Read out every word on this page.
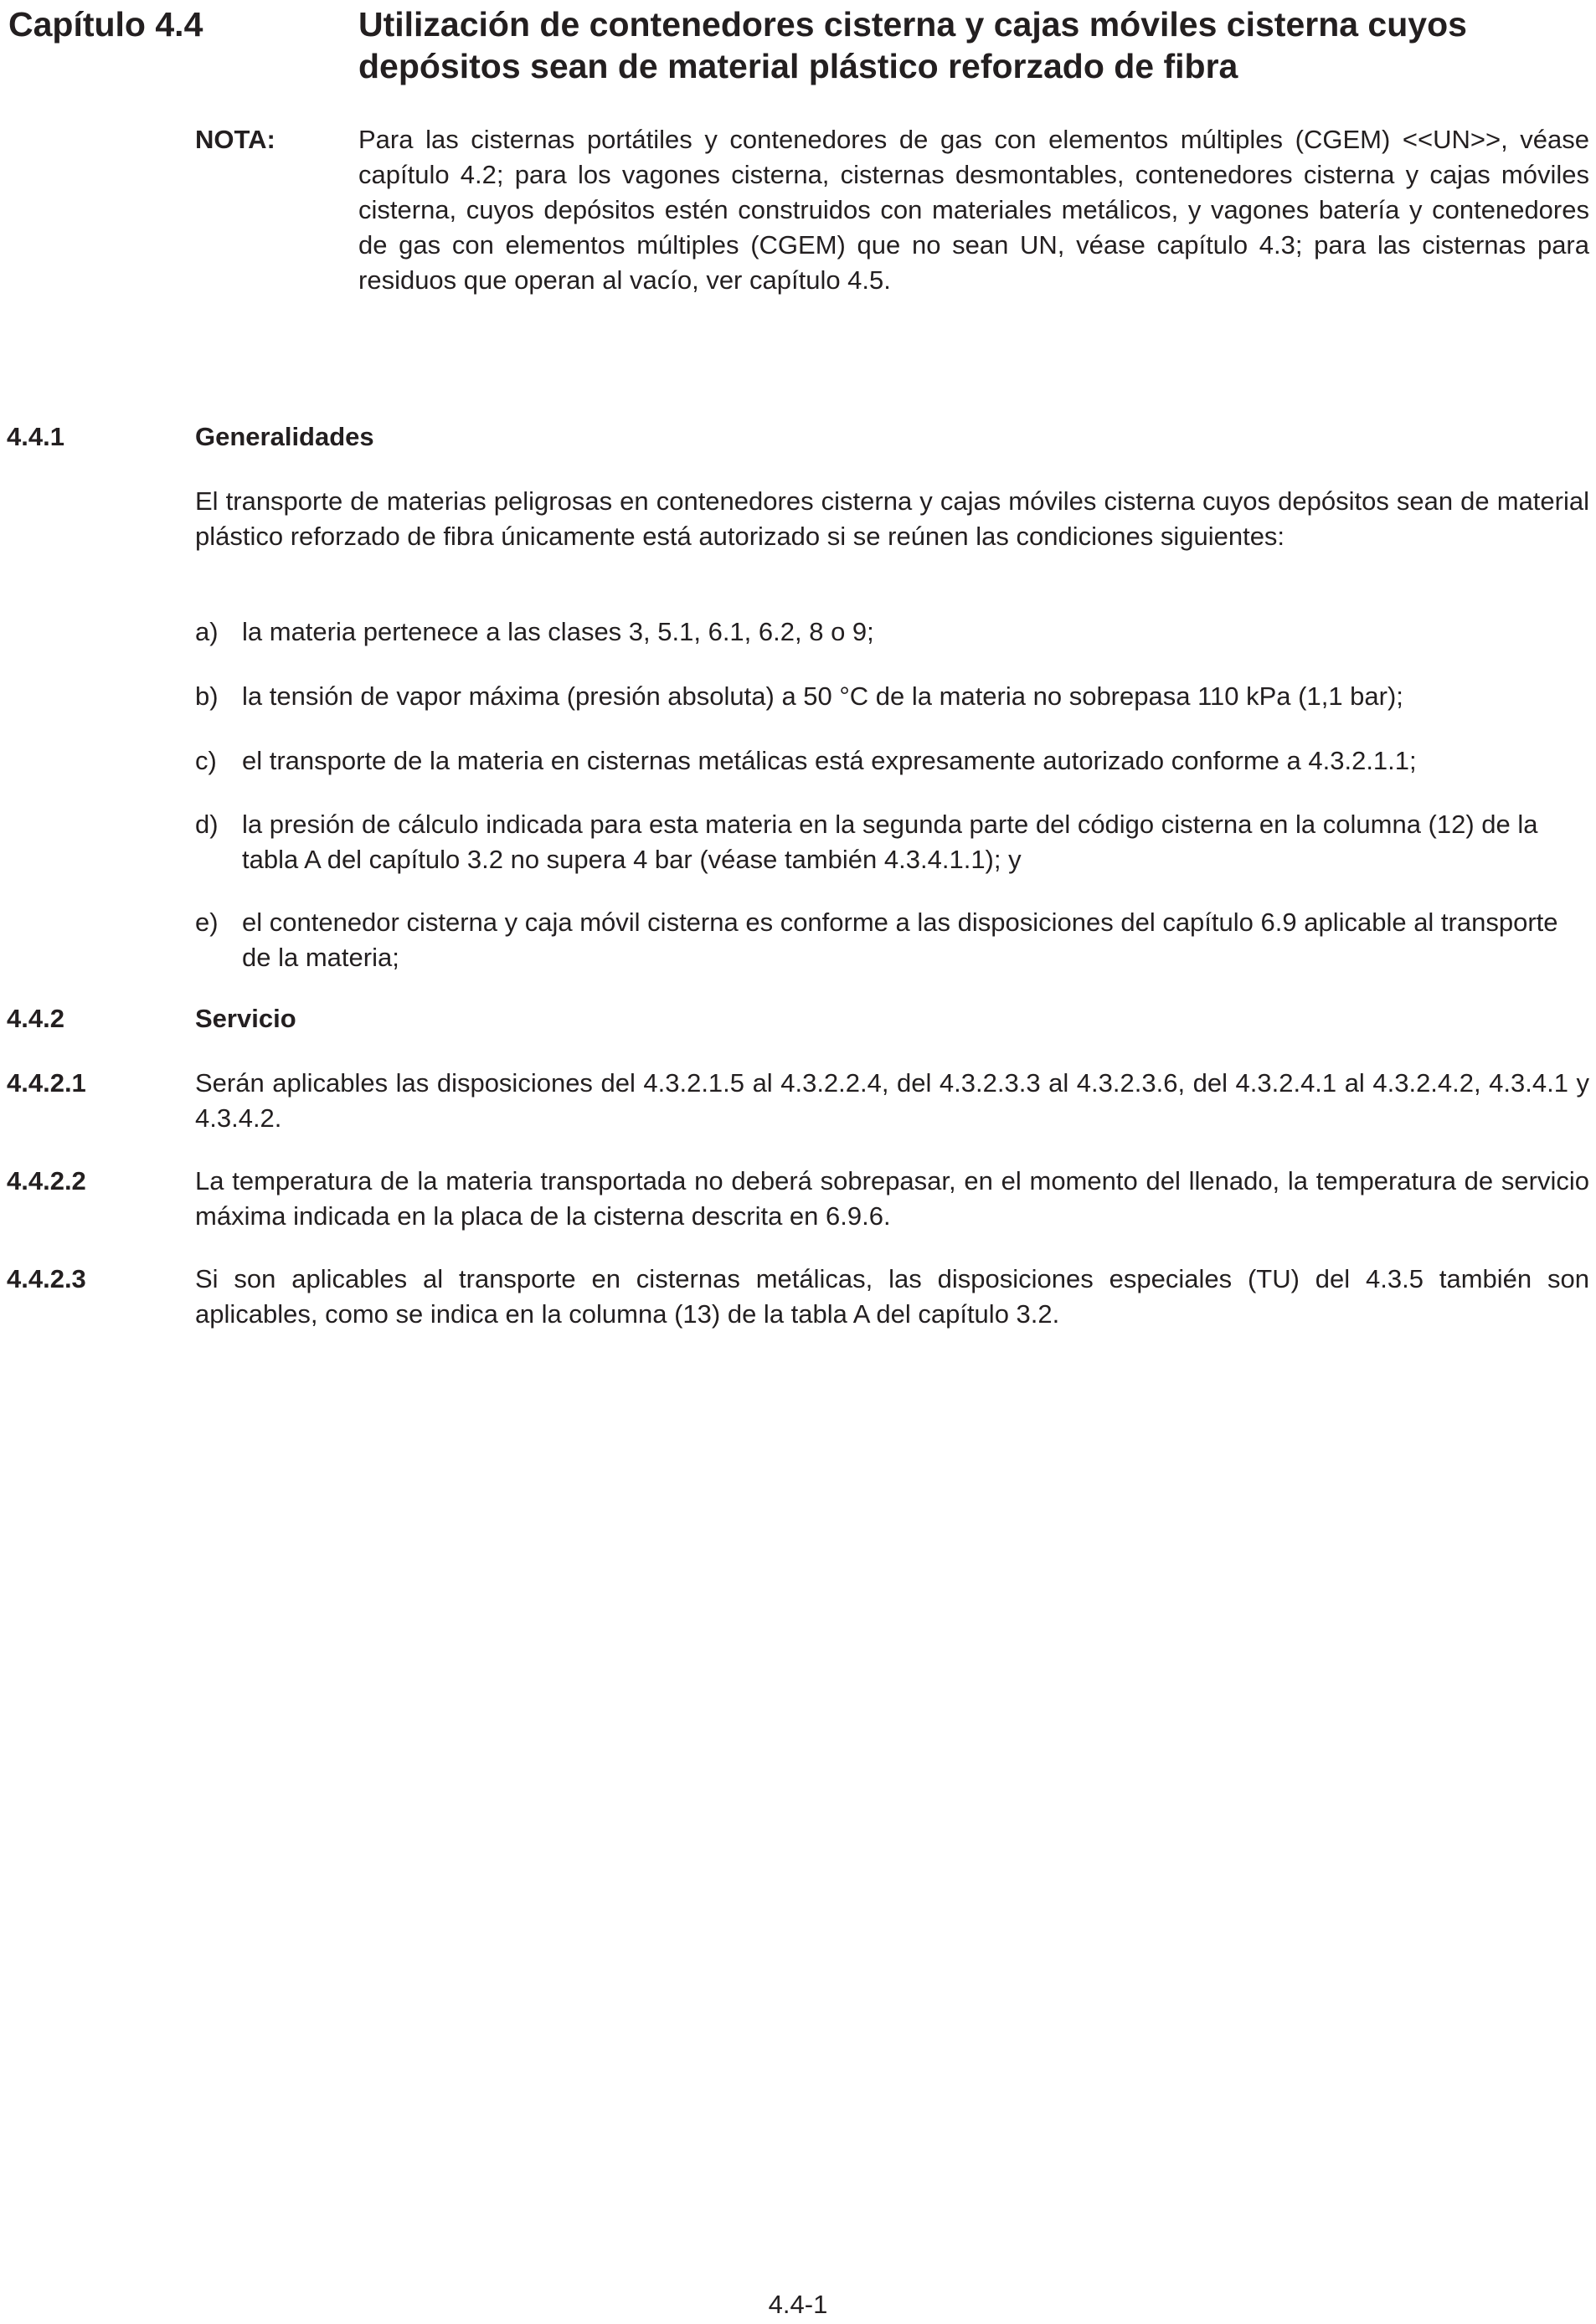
Capítulo 4.4	Utilización de contenedores cisterna y cajas móviles cisterna cuyos depósitos sean de material plástico reforzado de fibra
NOTA:	Para las cisternas portátiles y contenedores de gas con elementos múltiples (CGEM) <<UN>>, véase capítulo 4.2; para los vagones cisterna, cisternas desmontables, contenedores cisterna y cajas móviles cisterna, cuyos depósitos estén construidos con materiales metálicos, y vagones batería y contenedores de gas con elementos múltiples (CGEM) que no sean UN, véase capítulo 4.3; para las cisternas para residuos que operan al vacío, ver capítulo 4.5.
4.4.1	Generalidades
El transporte de materias peligrosas en contenedores cisterna y cajas móviles cisterna cuyos depósitos sean de material plástico reforzado de fibra únicamente está autorizado si se reúnen las condiciones siguientes:
a) la materia pertenece a las clases 3, 5.1, 6.1, 6.2, 8 o 9;
b) la tensión de vapor máxima (presión absoluta) a 50 °C de la materia no sobrepasa 110 kPa (1,1 bar);
c) el transporte de la materia en cisternas metálicas está expresamente autorizado conforme a 4.3.2.1.1;
d) la presión de cálculo indicada para esta materia en la segunda parte del código cisterna en la columna (12) de la tabla A del capítulo 3.2 no supera 4 bar (véase también 4.3.4.1.1); y
e) el contenedor cisterna y caja móvil cisterna es conforme a las disposiciones del capítulo 6.9 aplicable al transporte de la materia;
4.4.2	Servicio
4.4.2.1	Serán aplicables las disposiciones del 4.3.2.1.5 al 4.3.2.2.4, del 4.3.2.3.3 al 4.3.2.3.6, del 4.3.2.4.1 al 4.3.2.4.2, 4.3.4.1 y 4.3.4.2.
4.4.2.2	La temperatura de la materia transportada no deberá sobrepasar, en el momento del llenado, la temperatura de servicio máxima indicada en la placa de la cisterna descrita en 6.9.6.
4.4.2.3	Si son aplicables al transporte en cisternas metálicas, las disposiciones especiales (TU) del 4.3.5 también son aplicables, como se indica en la columna (13) de la tabla A del capítulo 3.2.
4.4-1
